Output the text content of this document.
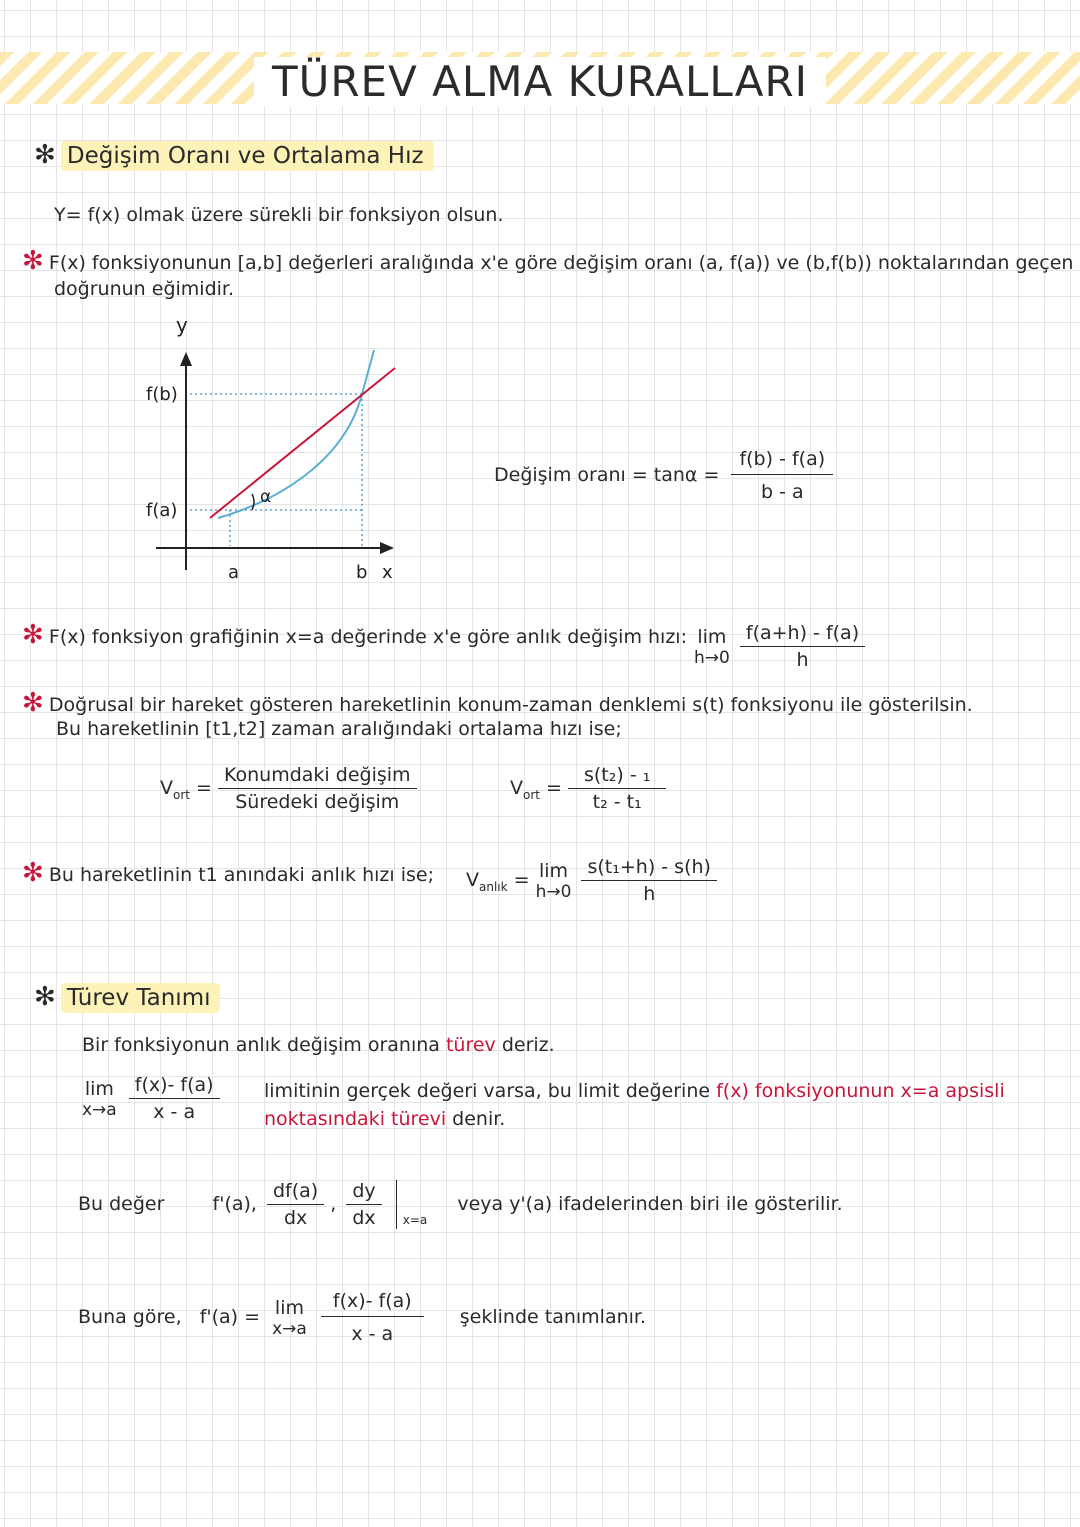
TÜREV ALMA KURALLARI
✻ Değişim Oranı ve Ortalama Hız
Y= f(x) olmak üzere sürekli bir fonksiyon olsun.
✻ F(x) fonksiyonunun [a,b] değerleri aralığında x'e göre değişim oranı (a, f(a)) ve (b,f(b)) noktalarından geçen
doğrunun eğimidir.
α
y
f(b)
f(a)
a	b x
Değişim oranı = $\tan\alpha = \frac{f(b) - f(a)}{b - a}$
✻ F(x) fonksiyon grafiğinin x=a değerinde x'e göre anlık değişim hızı: lim
h→0
$\frac{f(a+h) - f(a)}{h}$
✻ Doğrusal bir hareket gösteren hareketlinin konum-zaman denklemi s(t) fonksiyonu ile gösterilsin.
Bu hareketlinin [t1,t2] zaman aralığındaki ortalama hızı ise;
$V_{ort} = \frac{\text{Konumdaki değişim}}{\text{Süredeki değişim}}$	$V_{ort} = \frac{\text{s(t₂) - ₁}}{\text{t₂ - t₁}}$
✻ Bu hareketlinin t1 anındaki anlık hızı ise; $V_{anlık} = \lim$
h→0
$\frac{\text{s(t₁+h) - s(h)}}{h}$
✻ Türev Tanımı
Bir fonksiyonun anlık değişim oranına türev deriz.
lim
x→a
$\frac{f(x)- f(a)}{x - a}$ limitinin gerçek değeri varsa, bu limit değerine f(x) fonksiyonunun x=a apsisli
noktasındaki türevi denir.
Bu değer	f'(a), $\frac{df(a)}{dx}$ , $\frac{dy}{dx} _{x=a}$  veya y'(a) ifadelerinden biri ile gösterilir.
Buna göre, f'(a) = lim
x→a
$\frac{f(x)- f(a)}{x - a}$ şeklinde tanımlanır.
